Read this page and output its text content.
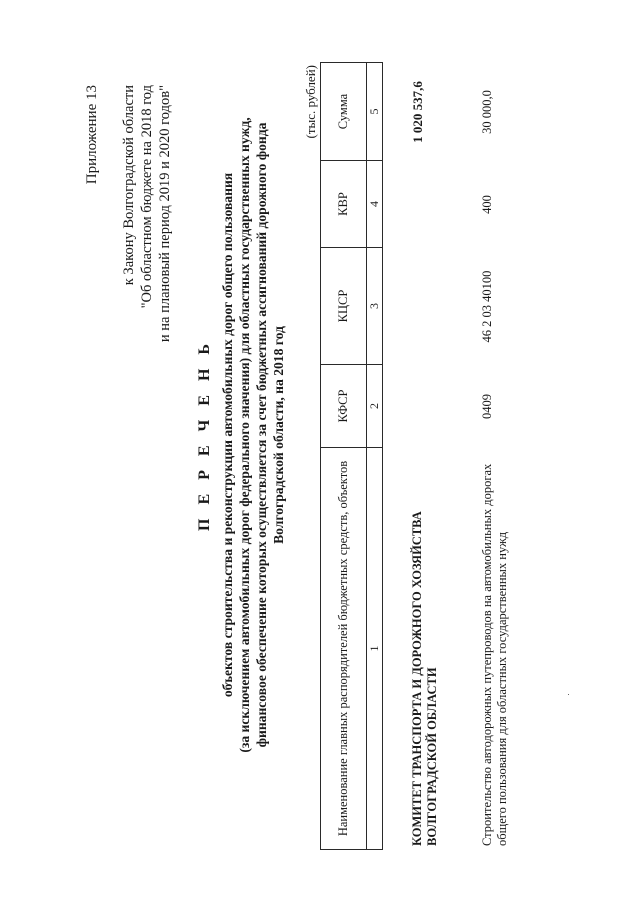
Приложение 13 к Закону Волгоградской области "Об областном бюджете на 2018 год и на плановый период 2019 и 2020 годов"
П Е Р Е Ч Е Н Ь объектов строительства и реконструкции автомобильных дорог общего пользования (за исключением автомобильных дорог федерального значения) для областных государственных нужд, финансовое обеспечение которых осуществляется за счет бюджетных ассигнований дорожного фонда Волгоградской области, на 2018 год
(тыс. рублей)
Наименование главных распорядителей бюджетных средств, объектов	КФСР	КЦСР	КВР	Сумма
1	2	3	4	5
КОМИТЕТ ТРАНСПОРТА И ДОРОЖНОГО ХОЗЯЙСТВА ВОЛГОГРАДСКОЙ ОБЛАСТИ				1 020 537,6
Строительство автодорожных путепроводов на автомобильных дорогах общего пользования для областных государственных нужд	0409	46 2 03 40100	400	30 000,0
